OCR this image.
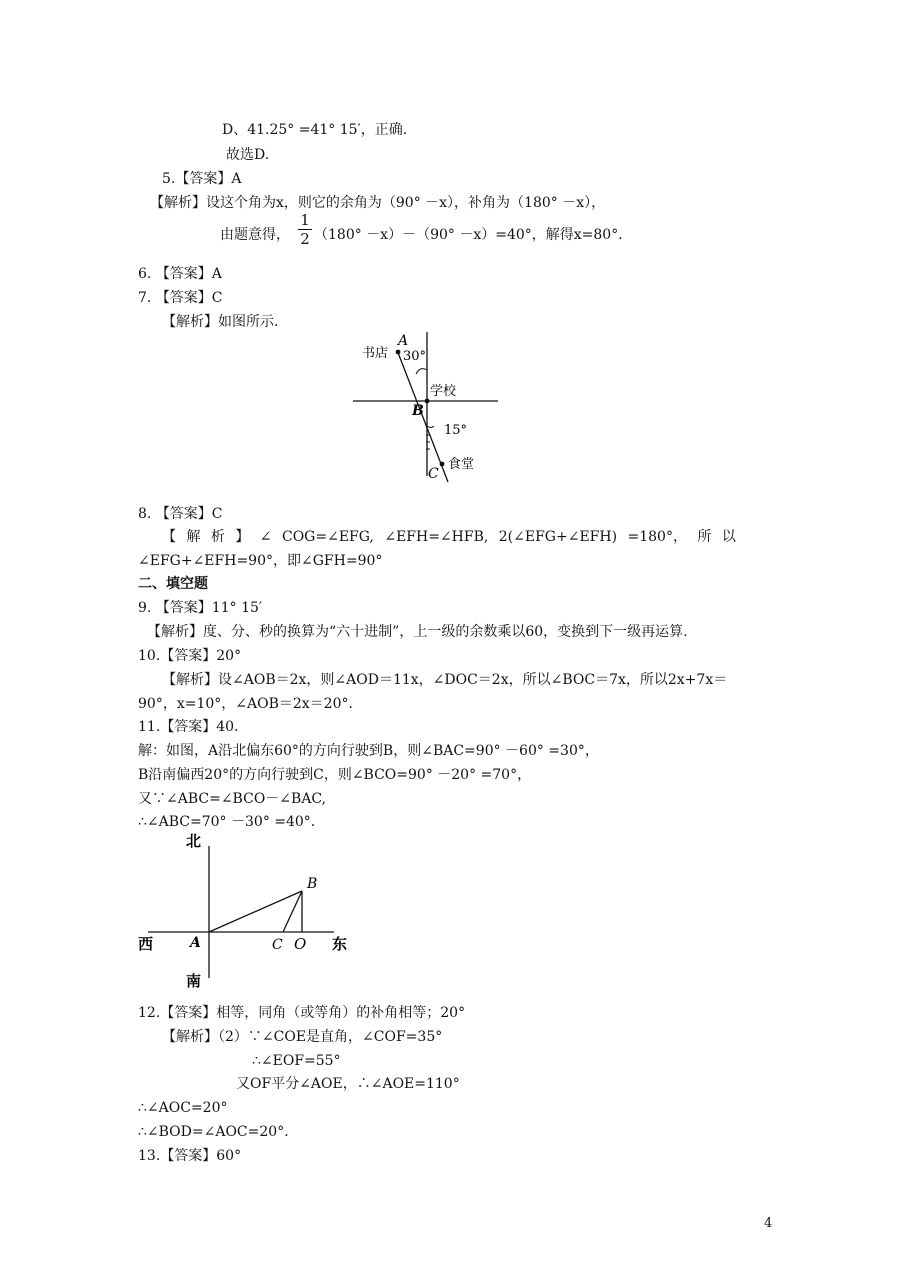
D、41.25° =41° 15′，正确.
故选D.
5.【答案】A
【解析】设这个角为x，则它的余角为（90° －x），补角为（180° －x），
由题意得，
1
2 （180° －x）－（90° －x）=40°，解得x=80°．
6. 【答案】A
7. 【答案】C
【解析】如图所示.
A
书店 30°
学校
B
15°
C
食堂
8. 【答案】C
【 解 析 】 ∠ COG=∠EFG, ∠EFH=∠HFB, 2(∠EFG+∠EFH) =180°， 所 以
∠EFG+∠EFH=90°，即∠GFH=90°
二、填空题
9. 【答案】11° 15′
【解析】度、分、秒的换算为“六十进制”，上一级的余数乘以60，变换到下一级再运算.
10.【答案】20°
【解析】设∠AOB＝2x，则∠AOD＝11x，∠DOC＝2x，所以∠BOC＝7x，所以2x+7x＝
90°，x=10°，∠AOB＝2x＝20°．
11.【答案】40.
解：如图，A沿北偏东60°的方向行驶到B，则∠BAC=90° －60° =30°，
B沿南偏西20°的方向行驶到C，则∠BCO=90° －20° =70°，
又∵∠ABC=∠BCO－∠BAC,
∴∠ABC=70° －30° =40°．
北
B
西	A	C O 东
南
12.【答案】相等，同角（或等角）的补角相等；20°
【解析】（2）∵∠COE是直角，∠COF=35°
∴∠EOF=55°
又OF平分∠AOE，∴∠AOE=110°
∴∠AOC=20°
∴∠BOD=∠AOC=20°．
13.【答案】60°
4
